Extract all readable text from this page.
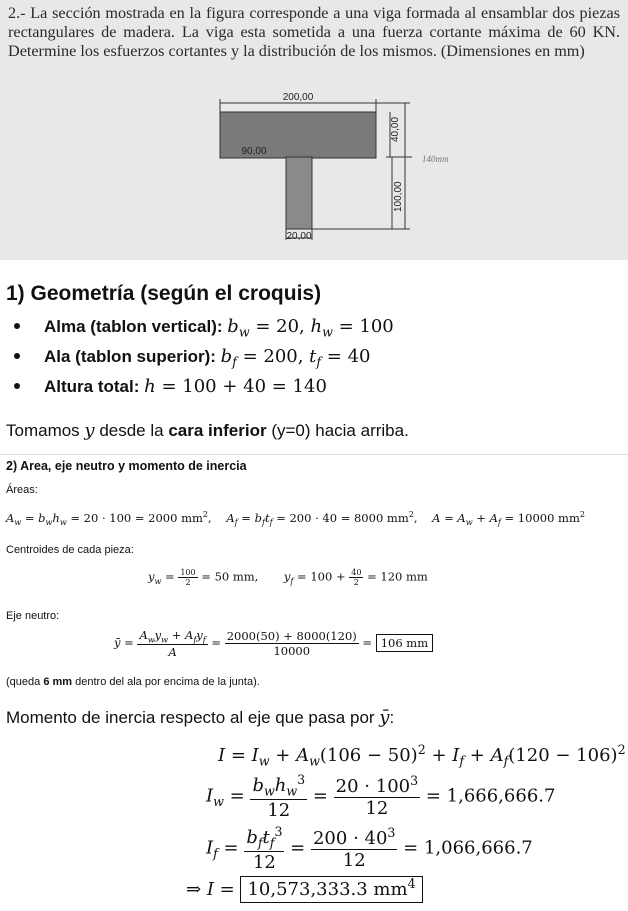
2.- La sección mostrada en la figura corresponde a una viga formada al ensamblar dos piezas rectangulares de madera. La viga esta sometida a una fuerza cortante máxima de 60 KN. Determine los esfuerzos cortantes y la distribución de los mismos. (Dimensiones en mm)
200,00
90,00
40,00
100,00
20,00
140mm
1) Geometría (según el croquis)
Alma (tablon vertical): $b_w = 20$, $h_w = 100$
Ala (tablon superior): $b_f = 200$, $t_f = 40$
Altura total: h = 100 + 40 = 140
Tomamos y desde la cara inferior (y=0) hacia arriba.
2) Area, eje neutro y momento de inercia
Áreas:
$A_w = b_wh_w = 20 \cdot 100 = 2000$ $mm^2$,    $A_f = b_ft_f = 200 \cdot 40 = 8000$ $mm^2$,    $A = A_w + A_f = 10000$ $mm^2$
Centroides de cada pieza:
$y_w = \frac{100}{2} = 50$ mm,       $y_f = 100 + \frac{40}{2} = 120$ mm
Eje neutro:
ȳ = $\frac{A_wy_w + A_fy_f}{A} = \frac{2000(50) + 8000(120)}{10000} = 106$ mm
(queda 6 mm dentro del ala por encima de la junta).
Momento de inercia respecto al eje que pasa por ȳ:
$I = I_w + A_w(106 - 50)^2 + I_f + A_f(120 - 106)^2$
$I_w = \frac{b_wh_w^3}{12} = \frac{20 \cdot 100^3}{12} = 1,666,666.7$
$I_f = \frac{b_ft_f^3}{12} = \frac{200 \cdot 40^3}{12} = 1,066,666.7$
⇒ I = 10,573,333.3 $mm^4$
